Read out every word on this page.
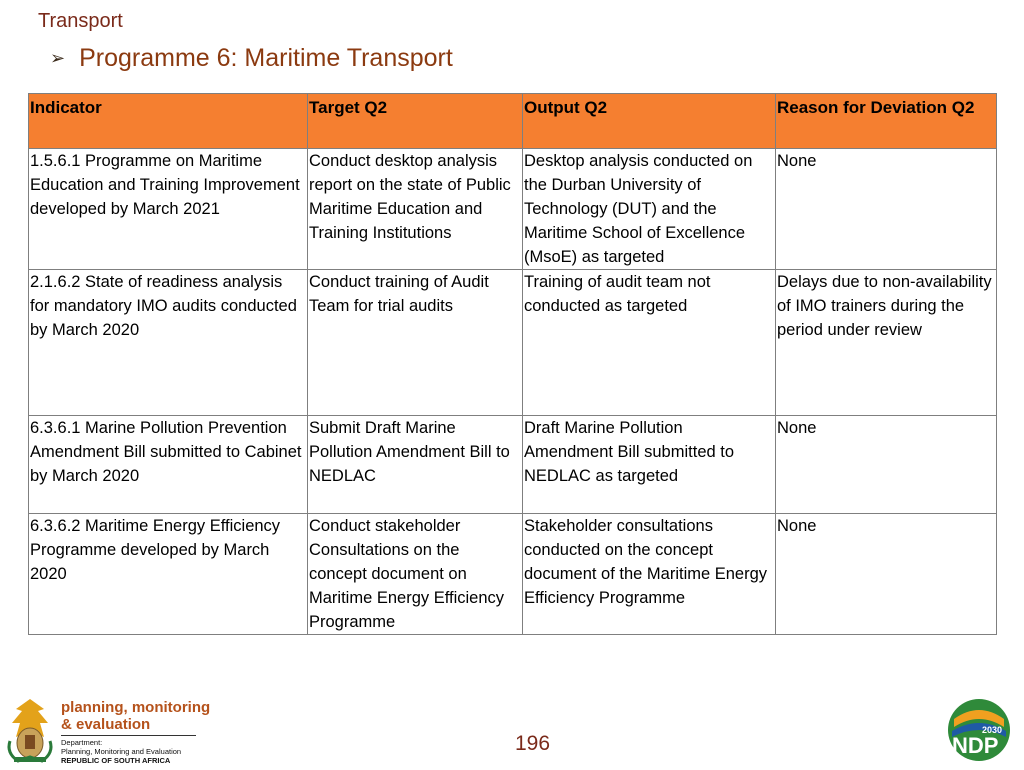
Transport
➢ Programme 6: Maritime Transport
Indicator	Target Q2	Output Q2	Reason for Deviation Q2
1.5.6.1 Programme on Maritime Education and Training Improvement developed by March 2021	Conduct desktop analysis report on the state of Public Maritime Education and Training Institutions	Desktop analysis conducted on the Durban University of Technology (DUT) and the Maritime School of Excellence (MsoE) as targeted	None
2.1.6.2 State of readiness analysis for mandatory IMO audits conducted by March 2020	Conduct training of Audit Team for trial audits	Training of audit team not conducted as targeted	Delays due to non-availability of IMO trainers during the period under review
6.3.6.1 Marine Pollution Prevention Amendment Bill submitted to Cabinet by March 2020	Submit Draft Marine Pollution Amendment Bill to NEDLAC	Draft Marine Pollution Amendment Bill submitted to NEDLAC as targeted	None
6.3.6.2 Maritime Energy Efficiency Programme developed by March 2020	Conduct stakeholder Consultations on the concept document on Maritime Energy Efficiency Programme	Stakeholder consultations conducted on the concept document of the Maritime Energy Efficiency Programme	None
planning, monitoring
& evaluation
Department:
Planning, Monitoring and Evaluation
REPUBLIC OF SOUTH AFRICA
196
2030
NDP
